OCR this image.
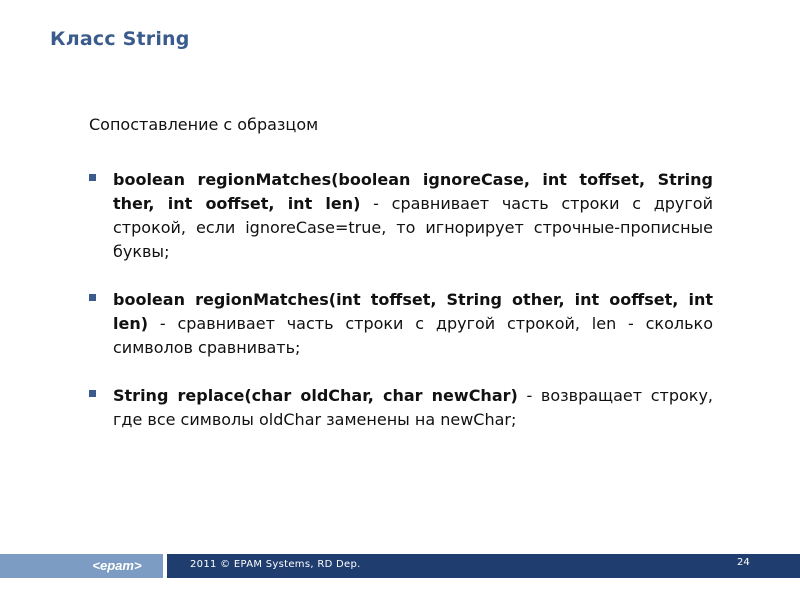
Класс String
Сопоставление с образцом
boolean regionMatches(boolean ignoreCase, int toffset, String ther, int ooffset, int len) - сравнивает часть строки с другой строкой, если ignoreCase=true, то игнорирует строчные-прописные буквы;
boolean regionMatches(int toffset, String other, int ooffset, int len) - сравнивает часть строки с другой строкой, len - сколько символов сравнивать;
String replace(char oldChar, char newChar) - возвращает строку, где все символы oldChar заменены на newChar;
<epam>	2011 © EPAM Systems, RD Dep.	24
